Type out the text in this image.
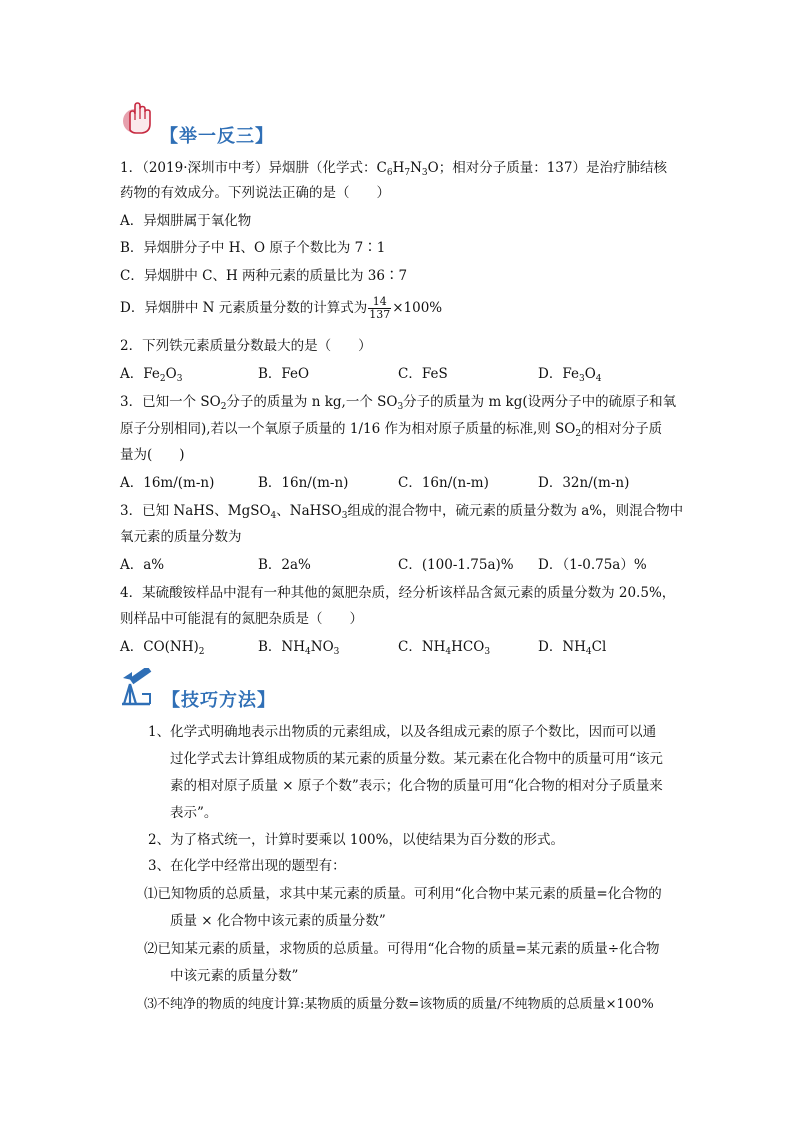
【举一反三】
1．（2019·深圳市中考）异烟肼（化学式：$C_6H_7N_3O$；相对分子质量：137）是治疗肺结核
药物的有效成分。下列说法正确的是（　　）
A．异烟肼属于氧化物
B．异烟肼分子中 H、O 原子个数比为 7∶1
C．异烟肼中 C、H 两种元素的质量比为 36∶7
D．异烟肼中 N 元素质量分数的计算式为 $\frac{14}{137} \times 100\%$
2．下列铁元素质量分数最大的是（　　）
A．$Fe_2O_3$	B．FeO	C．FeS	D．$Fe_3O_4$
3．已知一个 $SO_2$分子的质量为 n kg,一个 $SO_3$分子的质量为 m kg(设两分子中的硫原子和氧
原子分别相同),若以一个氧原子质量的 1/16 作为相对原子质量的标准,则 $SO_2$的相对分子质
量为(　　)
A．16m/(m-n)	B．16n/(m-n)	C．16n/(n-m)	D．32n/(m-n)
3．已知 NaHS、MgSO$_4$、NaHSO$_3$组成的混合物中，硫元素的质量分数为 a%，则混合物中
氧元素的质量分数为
A．a%	B．2a%	C．(100-1.75a)% D．（1-0.75a）%
4．某硫酸铵样品中混有一种其他的氮肥杂质，经分析该样品含氮元素的质量分数为 20.5%，
则样品中可能混有的氮肥杂质是（　　）
A．$CO(NH)_2$	B．$NH_4NO_3$	C．$NH_4HCO_3$	D．$NH_4Cl$
【技巧方法】
1、化学式明确地表示出物质的元素组成，以及各组成元素的原子个数比，因而可以通
过化学式去计算组成物质的某元素的质量分数。某元素在化合物中的质量可用“该元
素的相对原子质量 × 原子个数”表示；化合物的质量可用“化合物的相对分子质量来
表示”。
2、为了格式统一，计算时要乘以 100%，以使结果为百分数的形式。
3、在化学中经常出现的题型有：
⑴已知物质的总质量，求其中某元素的质量。可利用“化合物中某元素的质量=化合物的
质量 × 化合物中该元素的质量分数”
⑵已知某元素的质量，求物质的总质量。可得用“化合物的质量=某元素的质量÷化合物
中该元素的质量分数”
⑶不纯净的物质的纯度计算:某物质的质量分数=该物质的质量/不纯物质的总质量×100%
